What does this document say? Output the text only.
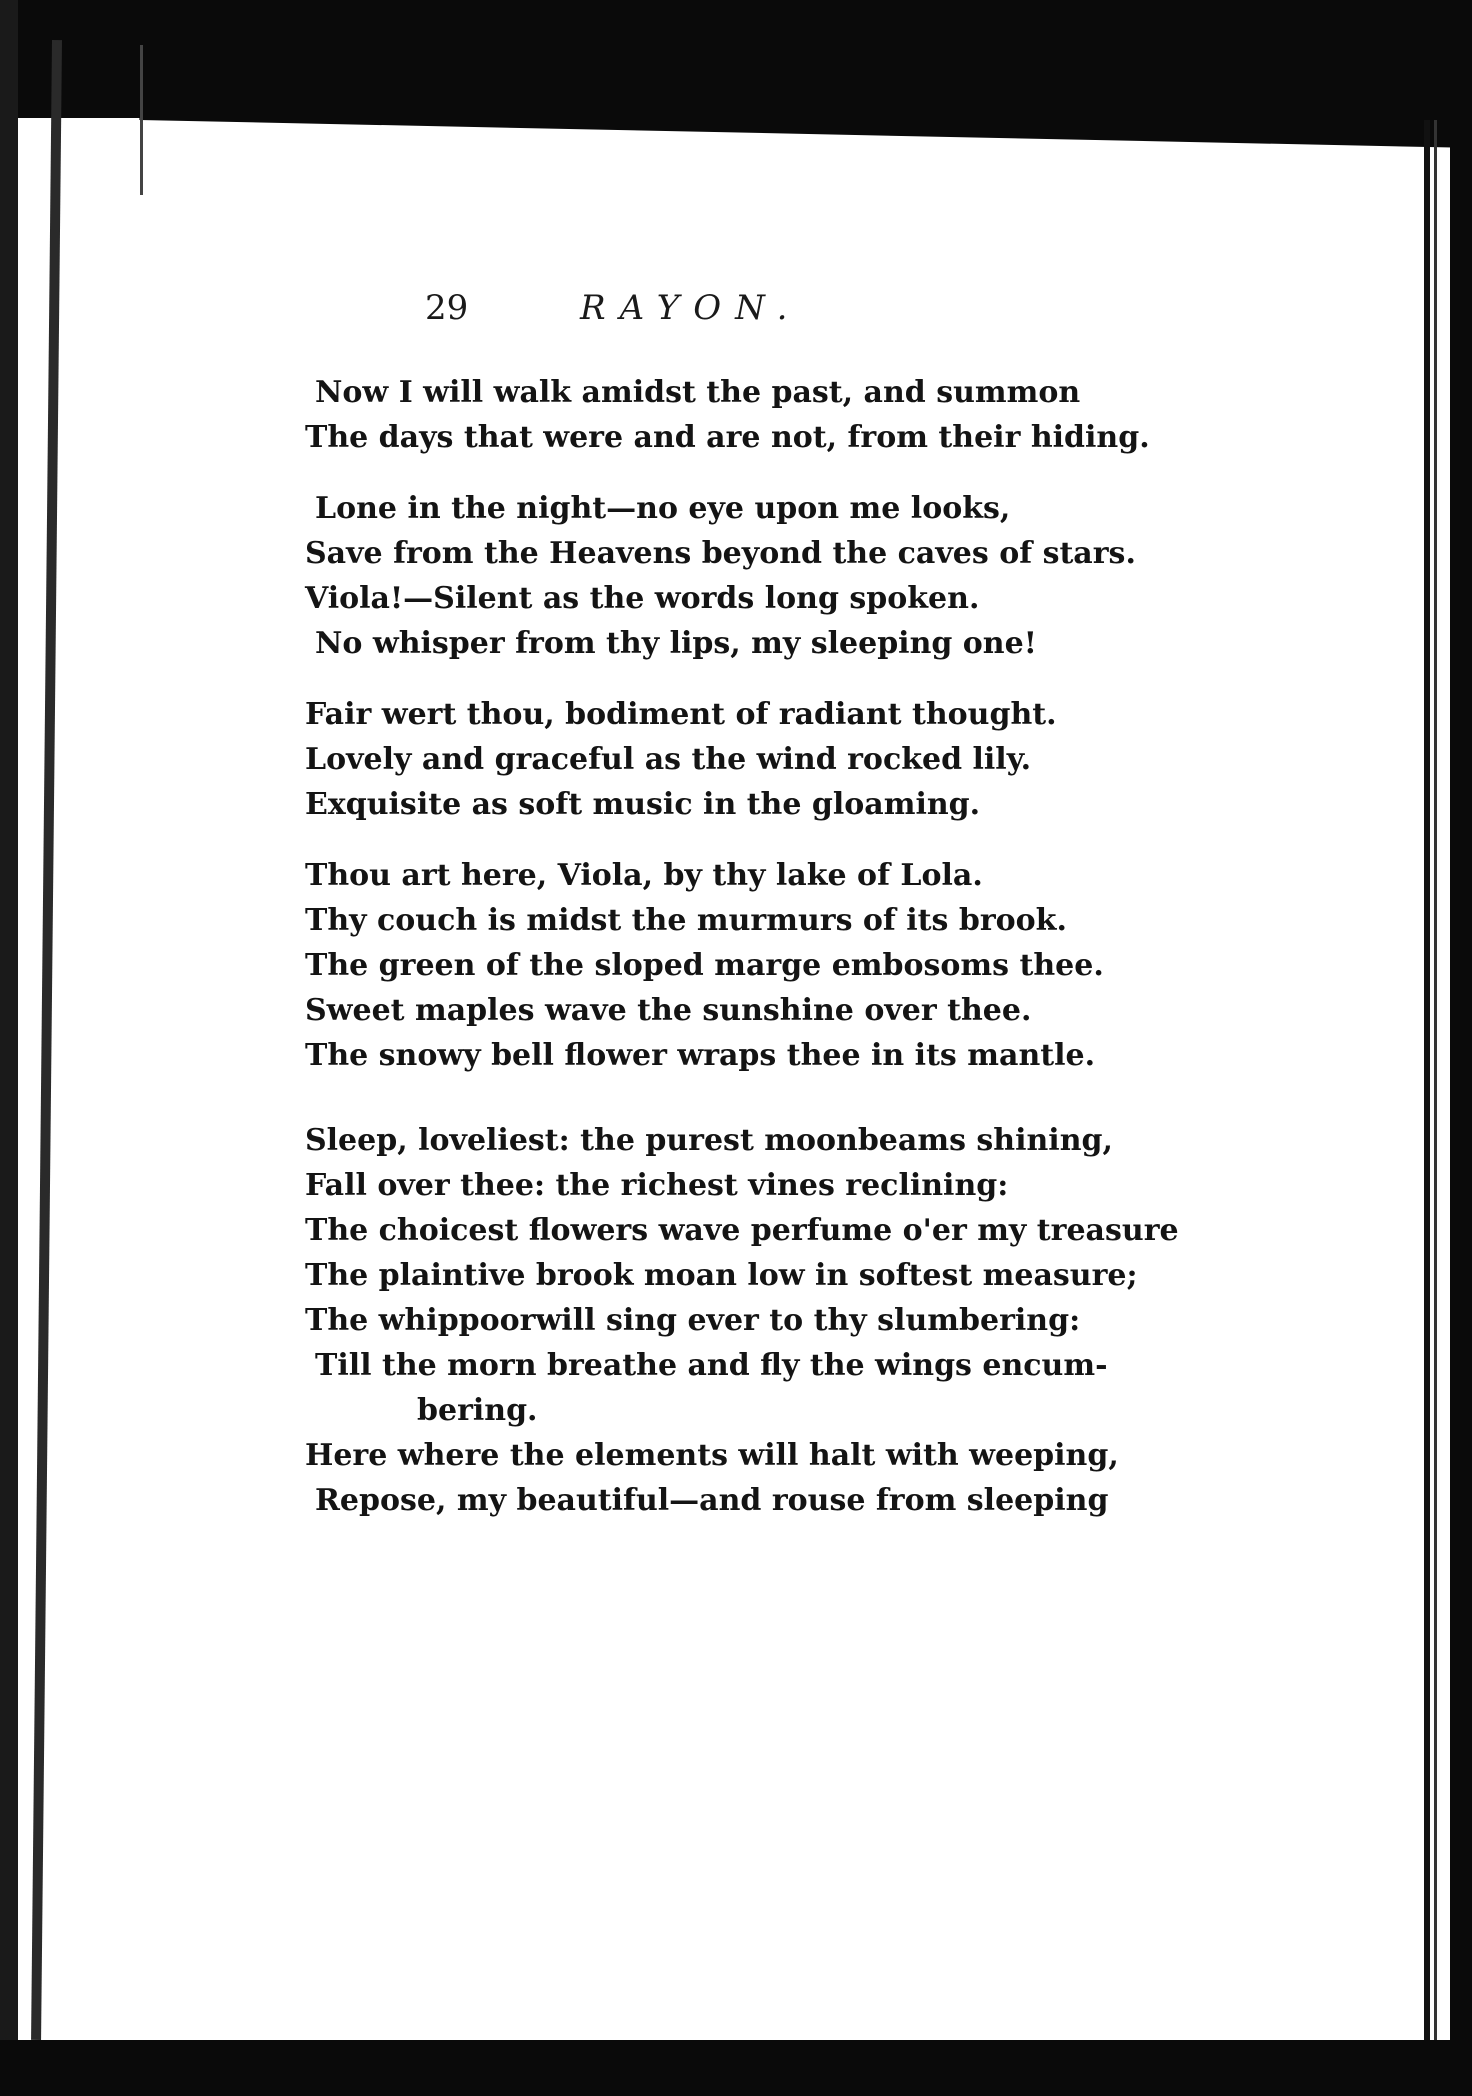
29	RAYON.
Now I will walk amidst the past, and summon
The days that were and are not, from their hiding.
Lone in the night—no eye upon me looks,
Save from the Heavens beyond the caves of stars.
Viola!—Silent as the words long spoken.
No whisper from thy lips, my sleeping one!
Fair wert thou, bodiment of radiant thought.
Lovely and graceful as the wind rocked lily.
Exquisite as soft music in the gloaming.
Thou art here, Viola, by thy lake of Lola.
Thy couch is midst the murmurs of its brook.
The green of the sloped marge embosoms thee.
Sweet maples wave the sunshine over thee.
The snowy bell flower wraps thee in its mantle.
Sleep, loveliest: the purest moonbeams shining,
Fall over thee: the richest vines reclining:
The choicest flowers wave perfume o'er my treasure
The plaintive brook moan low in softest measure;
The whippoorwill sing ever to thy slumbering:
Till the morn breathe and fly the wings encum-
bering.
Here where the elements will halt with weeping,
Repose, my beautiful—and rouse from sleeping
